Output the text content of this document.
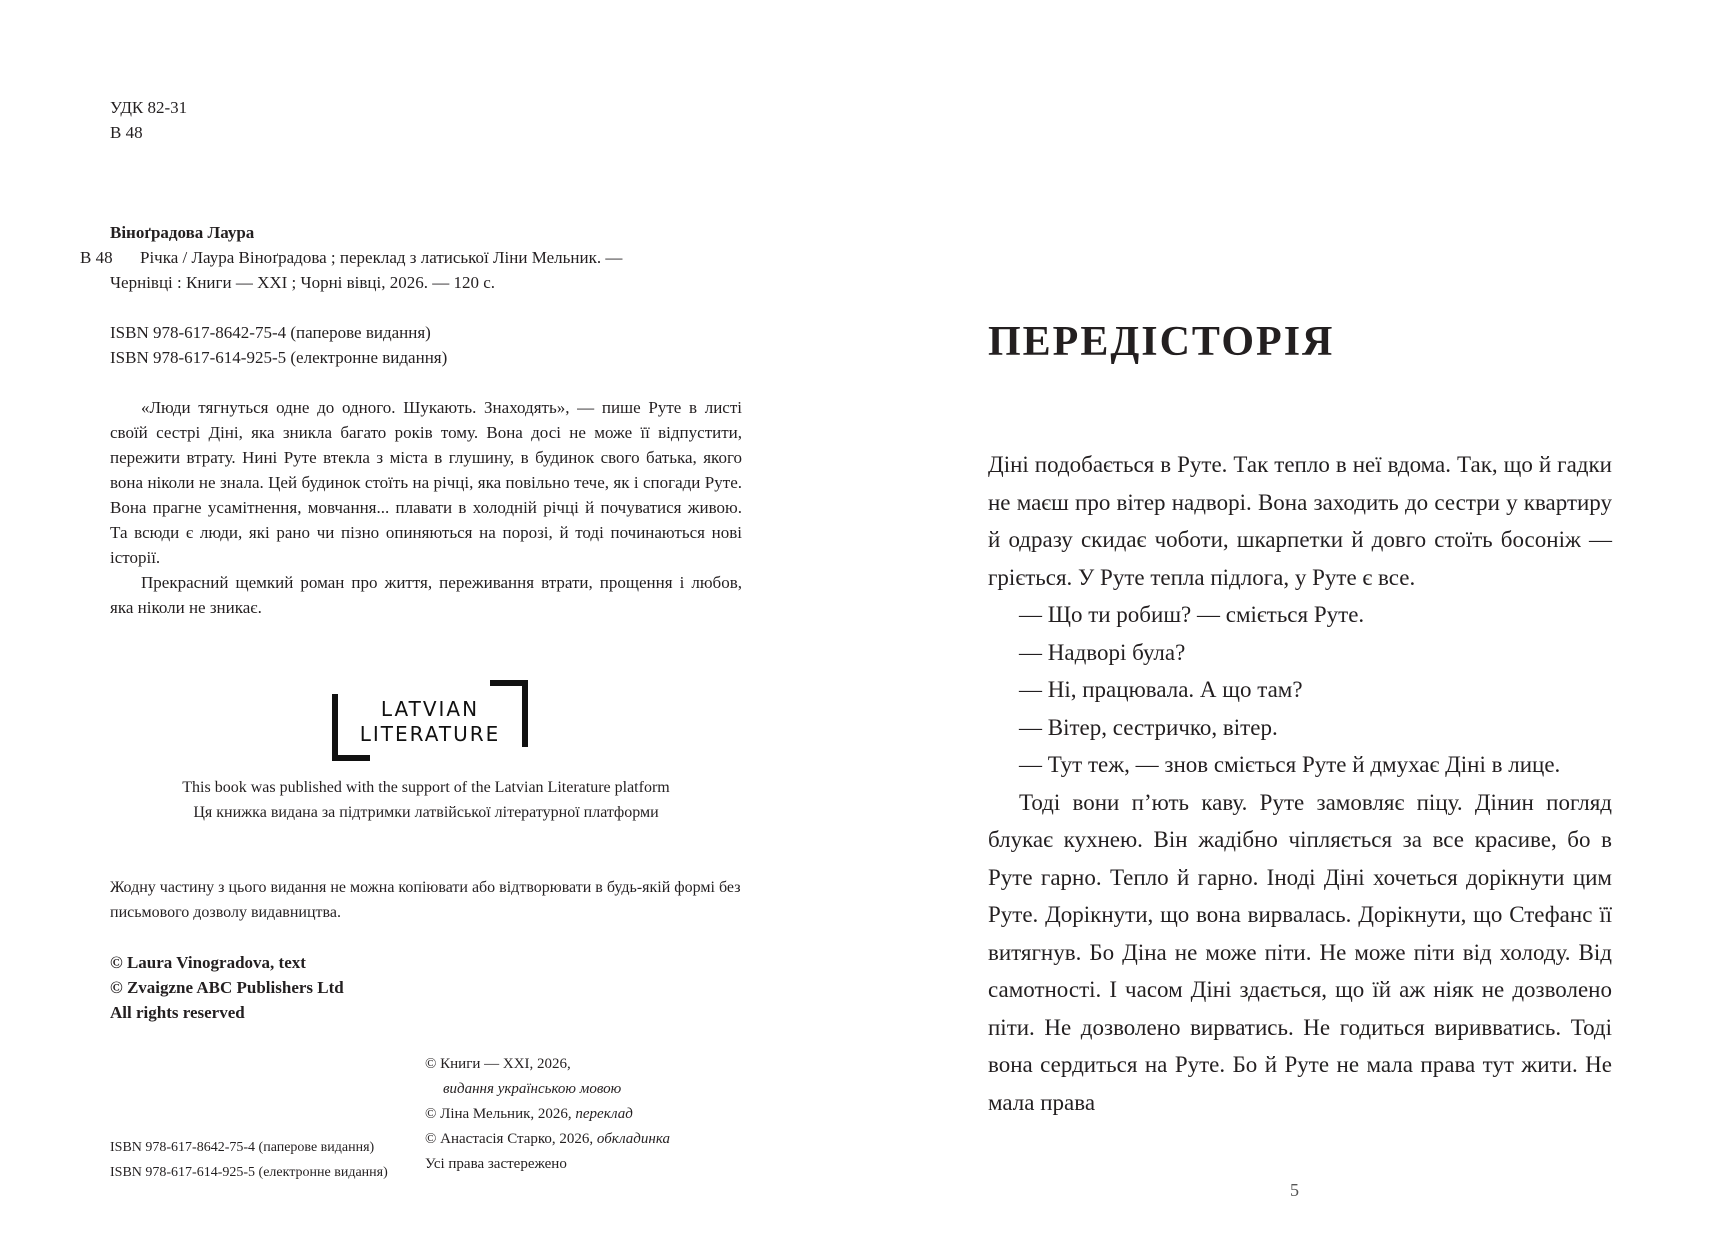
УДК 82-31
В 48
Віноґрадова Лаура
В 48 Річка / Лаура Віноґрадова ; переклад з латиської Ліни Мельник. —
Чернівці : Книги — XXI ; Чорні вівці, 2026. — 120 с.
ISBN 978-617-8642-75-4 (паперове видання)
ISBN 978-617-614-925-5 (електронне видання)

«Люди тягнуться одне до одного. Шукають. Знаходять», — пише Руте в листі своїй сестрі Діні, яка зникла багато років тому. Вона досі не може її відпустити, пережити втрату. Нині Руте втекла з міста в глушину, в будинок свого батька, якого вона ніколи не знала. Цей будинок стоїть на річці, яка повільно тече, як і спогади Руте. Вона прагне усамітнення, мовчання... плавати в холодній річці й почуватися живою. Та всюди є люди, які рано чи пізно опиняються на порозі, й тоді починаються нові історії.

Прекрасний щемкий роман про життя, переживання втрати, прощення і любов, яка ніколи не зникає.

LATVIAN
LITERATURE
This book was published with the support of the Latvian Literature platform
Ця книжка видана за підтримки латвійської літературної платформи
Жодну частину з цього видання не можна копіювати або відтворювати в будь-якій формі без письмового дозволу видавництва.
© Laura Vinogradova, text
© Zvaigzne ABC Publishers Ltd
All rights reserved
© Книги — XXI, 2026,
видання українською мовою
© Ліна Мельник, 2026, переклад
© Анастасія Старко, 2026, обкладинка
Усі права застережено
ISBN 978-617-8642-75-4 (паперове видання)
ISBN 978-617-614-925-5 (електронне видання)
ПЕРЕДІСТОРІЯ

Діні подобається в Руте. Так тепло в неї вдома. Так, що й гадки не маєш про вітер надворі. Вона заходить до сестри у квартиру й одразу скидає чоботи, шкарпетки й довго стоїть босоніж — гріється. У Руте тепла підлога, у Руте є все.

— Що ти робиш? — сміється Руте.

— Надворі була?

— Ні, працювала. А що там?

— Вітер, сестричко, вітер.

— Тут теж, — знов сміється Руте й дмухає Діні в лице.

Тоді вони п’ють каву. Руте замовляє піцу. Дінин погляд блукає кухнею. Він жадібно чіпляється за все красиве, бо в Руте гарно. Тепло й гарно. Іноді Діні хочеться дорікнути цим Руте. Дорікнути, що вона вирвалась. Дорікнути, що Стефанс її витягнув. Бо Діна не може піти. Не може піти від холоду. Від самотності. І часом Діні здається, що їй аж ніяк не дозволено піти. Не дозволено вирватись. Не годиться виривватись. Тоді вона сердиться на Руте. Бо й Руте не мала права тут жити. Не мала права

5
